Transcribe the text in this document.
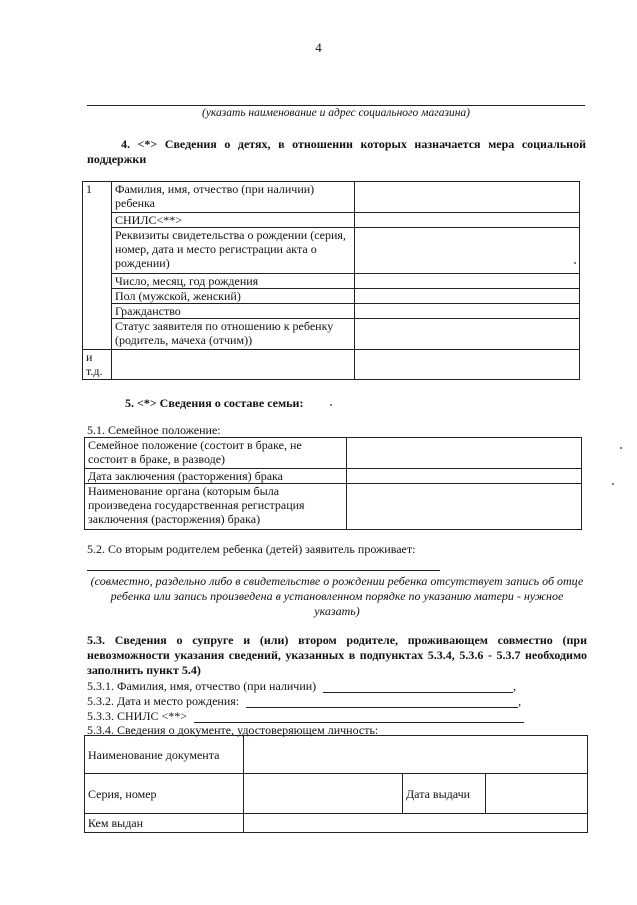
4
(указать наименование и адрес социального магазина)
4. <*> Сведения о детях, в отношении которых назначается мера социальной
поддержки
1	Фамилия, имя, отчество (при наличии) ребенка	
	СНИЛС<**>	
	Реквизиты свидетельства о рождении (серия, номер, дата и место регистрации акта о рождении)	
	Число, месяц, год рождения	
	Пол (мужской, женский)	
	Гражданство	
	Статус заявителя по отношению к ребенку (родитель, мачеха (отчим))	
и т.д.		
5. <*> Сведения о составе семьи:
5.1. Семейное положение:
Семейное положение (состоит в браке, не состоит в браке, в разводе)	
Дата заключения (расторжения) брака	
Наименование органа (которым была произведена государственная регистрация заключения (расторжения) брака)	
5.2. Со вторым родителем ребенка (детей) заявитель проживает:
(совместно, раздельно либо в свидетельстве о рождении ребенка отсутствует запись об отце ребенка или запись произведена в установленном порядке по указанию матери - нужное указать)
5.3. Сведения о супруге и (или) втором родителе, проживающем совместно (при невозможности указания сведений, указанных в подпунктах 5.3.4, 5.3.6 - 5.3.7 необходимо заполнить пункт 5.4)
5.3.1. Фамилия, имя, отчество (при наличии)	,
5.3.2. Дата и место рождения:	,
5.3.3. СНИЛС <**>
5.3.4. Сведения о документе, удостоверяющем личность:
Наименование документа			
Серия, номер		Дата выдачи	
Кем выдан			
